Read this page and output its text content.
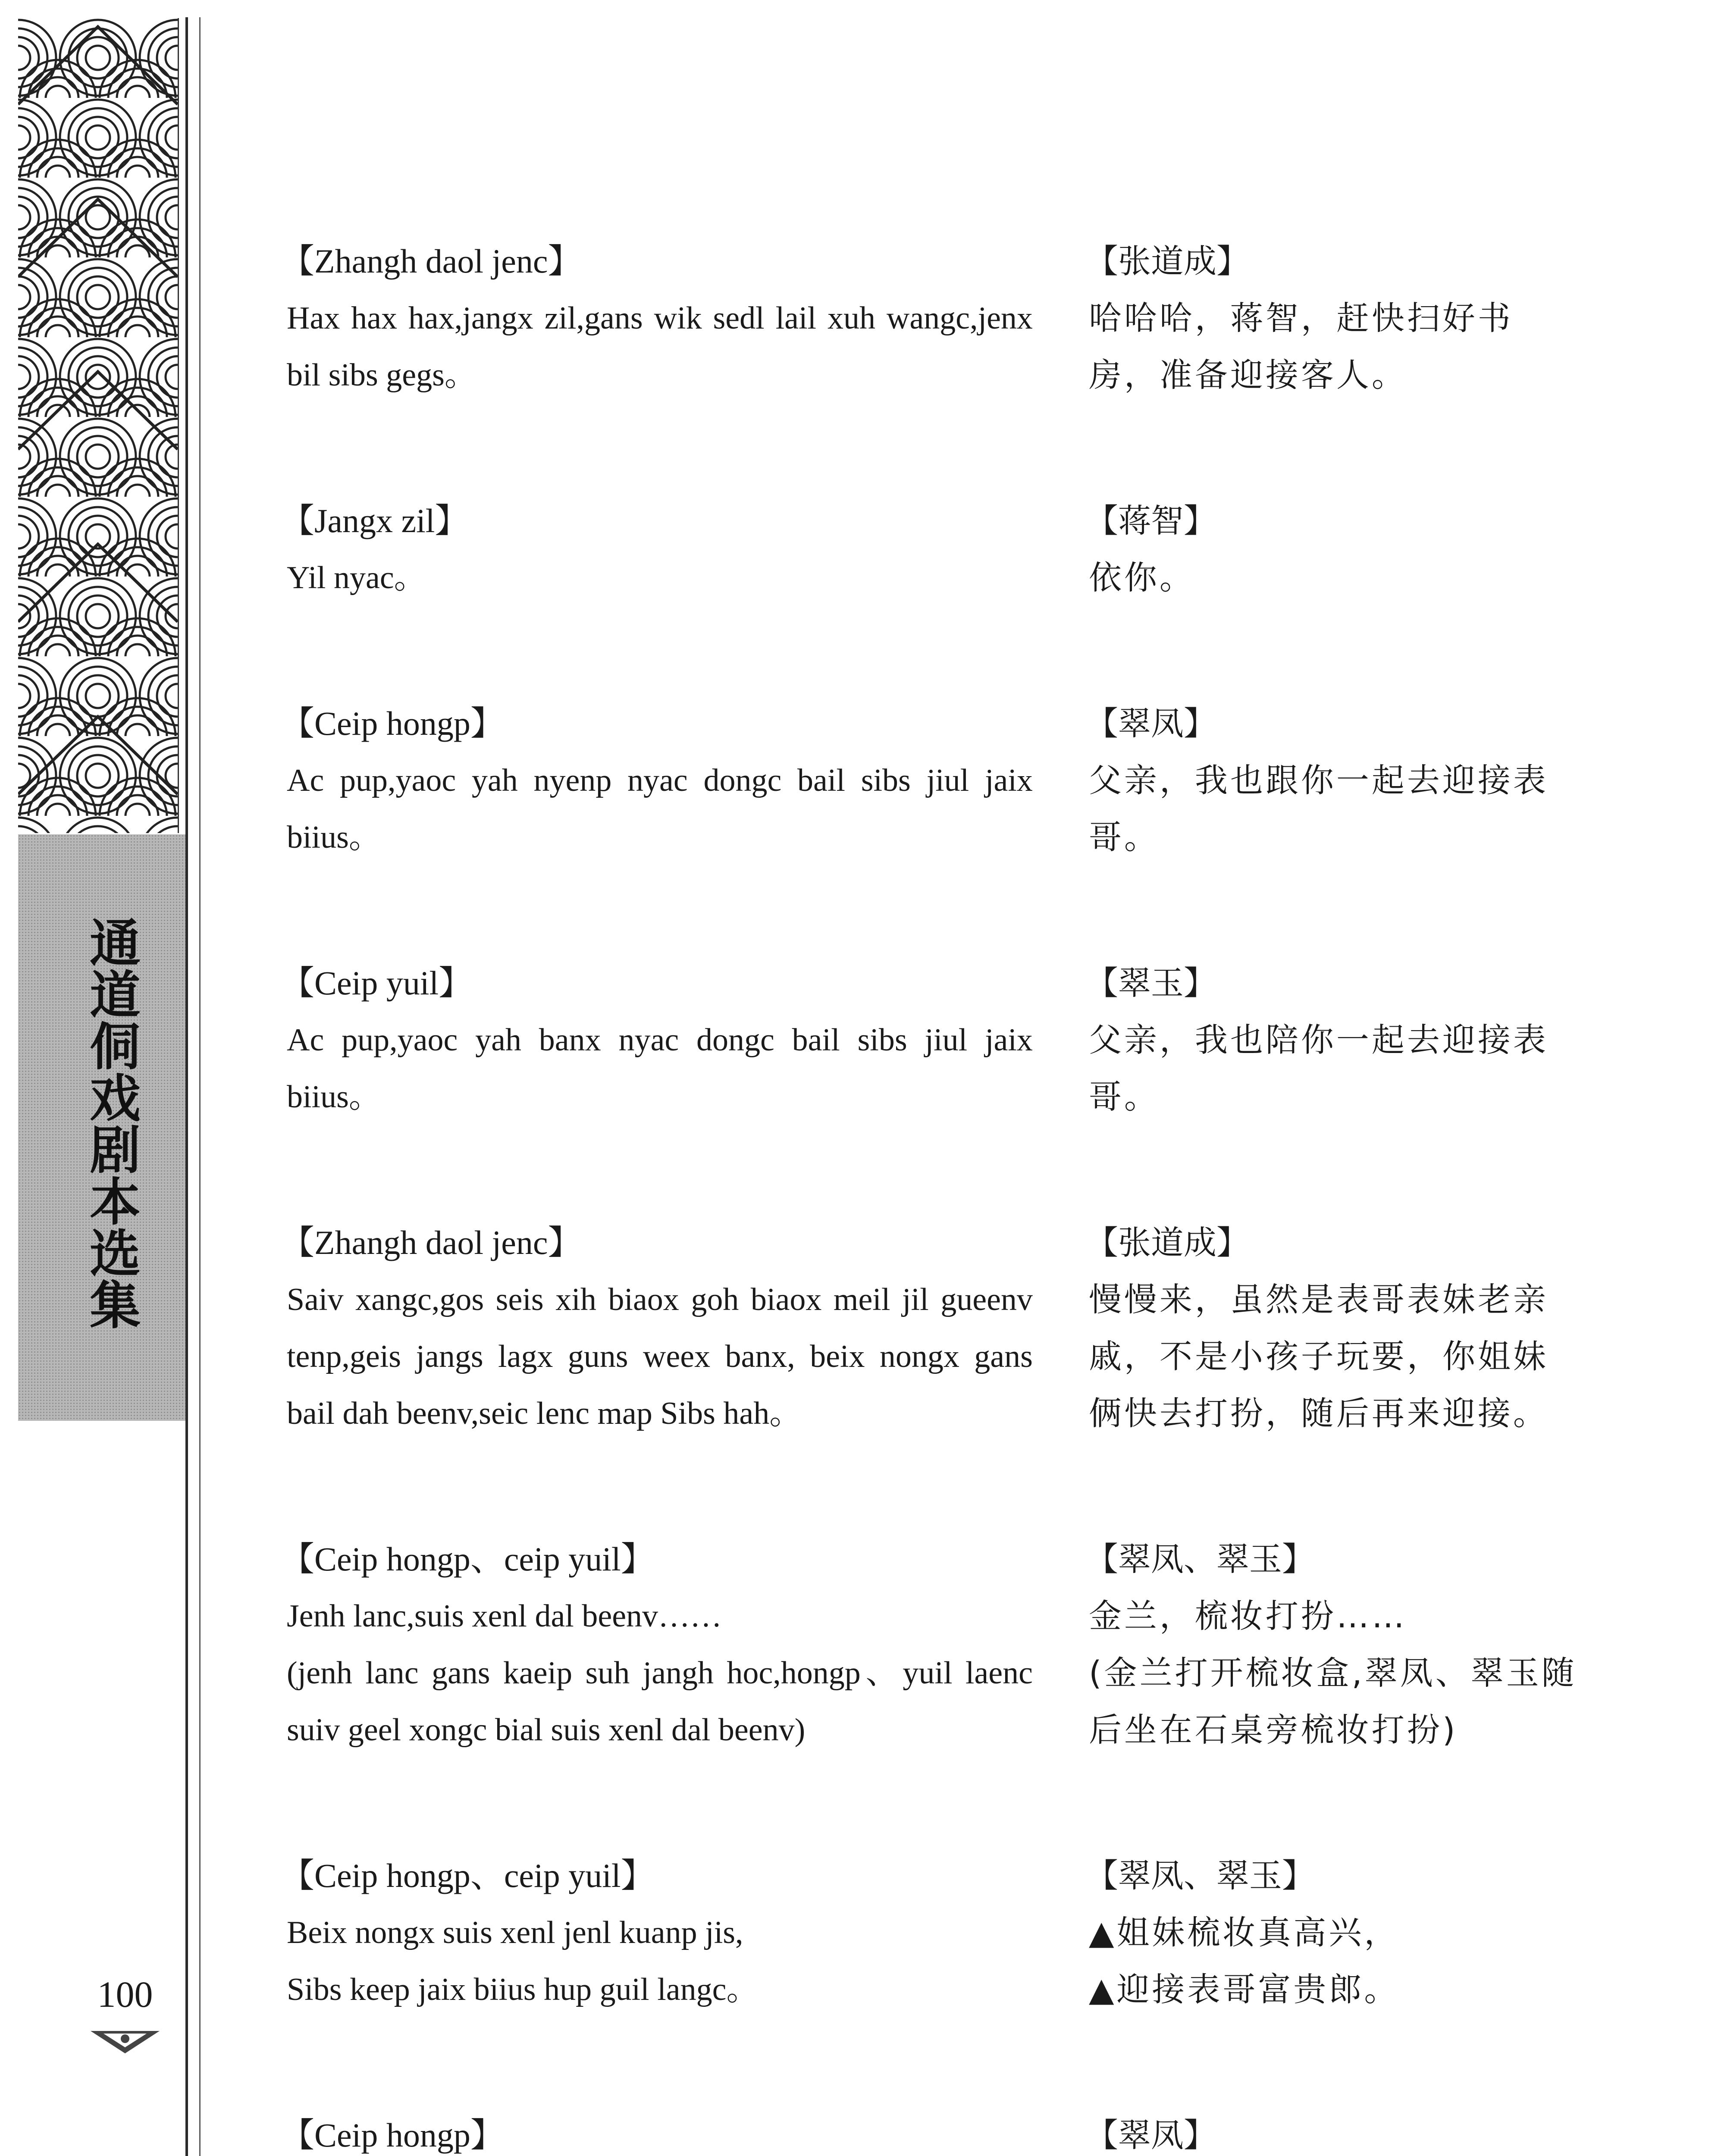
通道侗戏剧本选集
100
【Zhangh daol jenc】
Hax hax hax,jangx zil,gans wik sedl lail xuh wangc,jenx bil sibs gegs。
【张道成】
哈哈哈，蒋智，赶快扫好书房，准备迎接客人。
【Jangx zil】
Yil nyac。
【蒋智】
依你。
【Ceip hongp】
Ac pup,yaoc yah nyenp nyac dongc bail sibs jiul jaix biius。
【翠凤】
父亲，我也跟你一起去迎接表哥。
【Ceip yuil】
Ac pup,yaoc yah banx nyac dongc bail sibs jiul jaix biius。
【翠玉】
父亲，我也陪你一起去迎接表哥。
【Zhangh daol jenc】
Saiv xangc,gos seis xih biaox goh biaox meil jil gueenv tenp,geis jangs lagx guns weex banx, beix nongx gans bail dah beenv,seic lenc map Sibs hah。
【张道成】
慢慢来，虽然是表哥表妹老亲戚，不是小孩子玩要，你姐妹俩快去打扮，随后再来迎接。
【Ceip hongp、ceip yuil】
Jenh lanc,suis xenl dal beenv……
(jenh lanc gans kaeip suh jangh hoc,hongp、yuil laenc suiv geel xongc bial suis xenl dal beenv)
【翠凤、翠玉】
金兰，梳妆打扮……
(金兰打开梳妆盒,翠凤、翠玉随后坐在石桌旁梳妆打扮)
【Ceip hongp、ceip yuil】
Beix nongx suis xenl jenl kuanp jis,
Sibs keep jaix biius hup guil langc。
【翠凤、翠玉】
▲姐妹梳妆真高兴，
▲迎接表哥富贵郎。
【Ceip hongp】	【翠凤】
